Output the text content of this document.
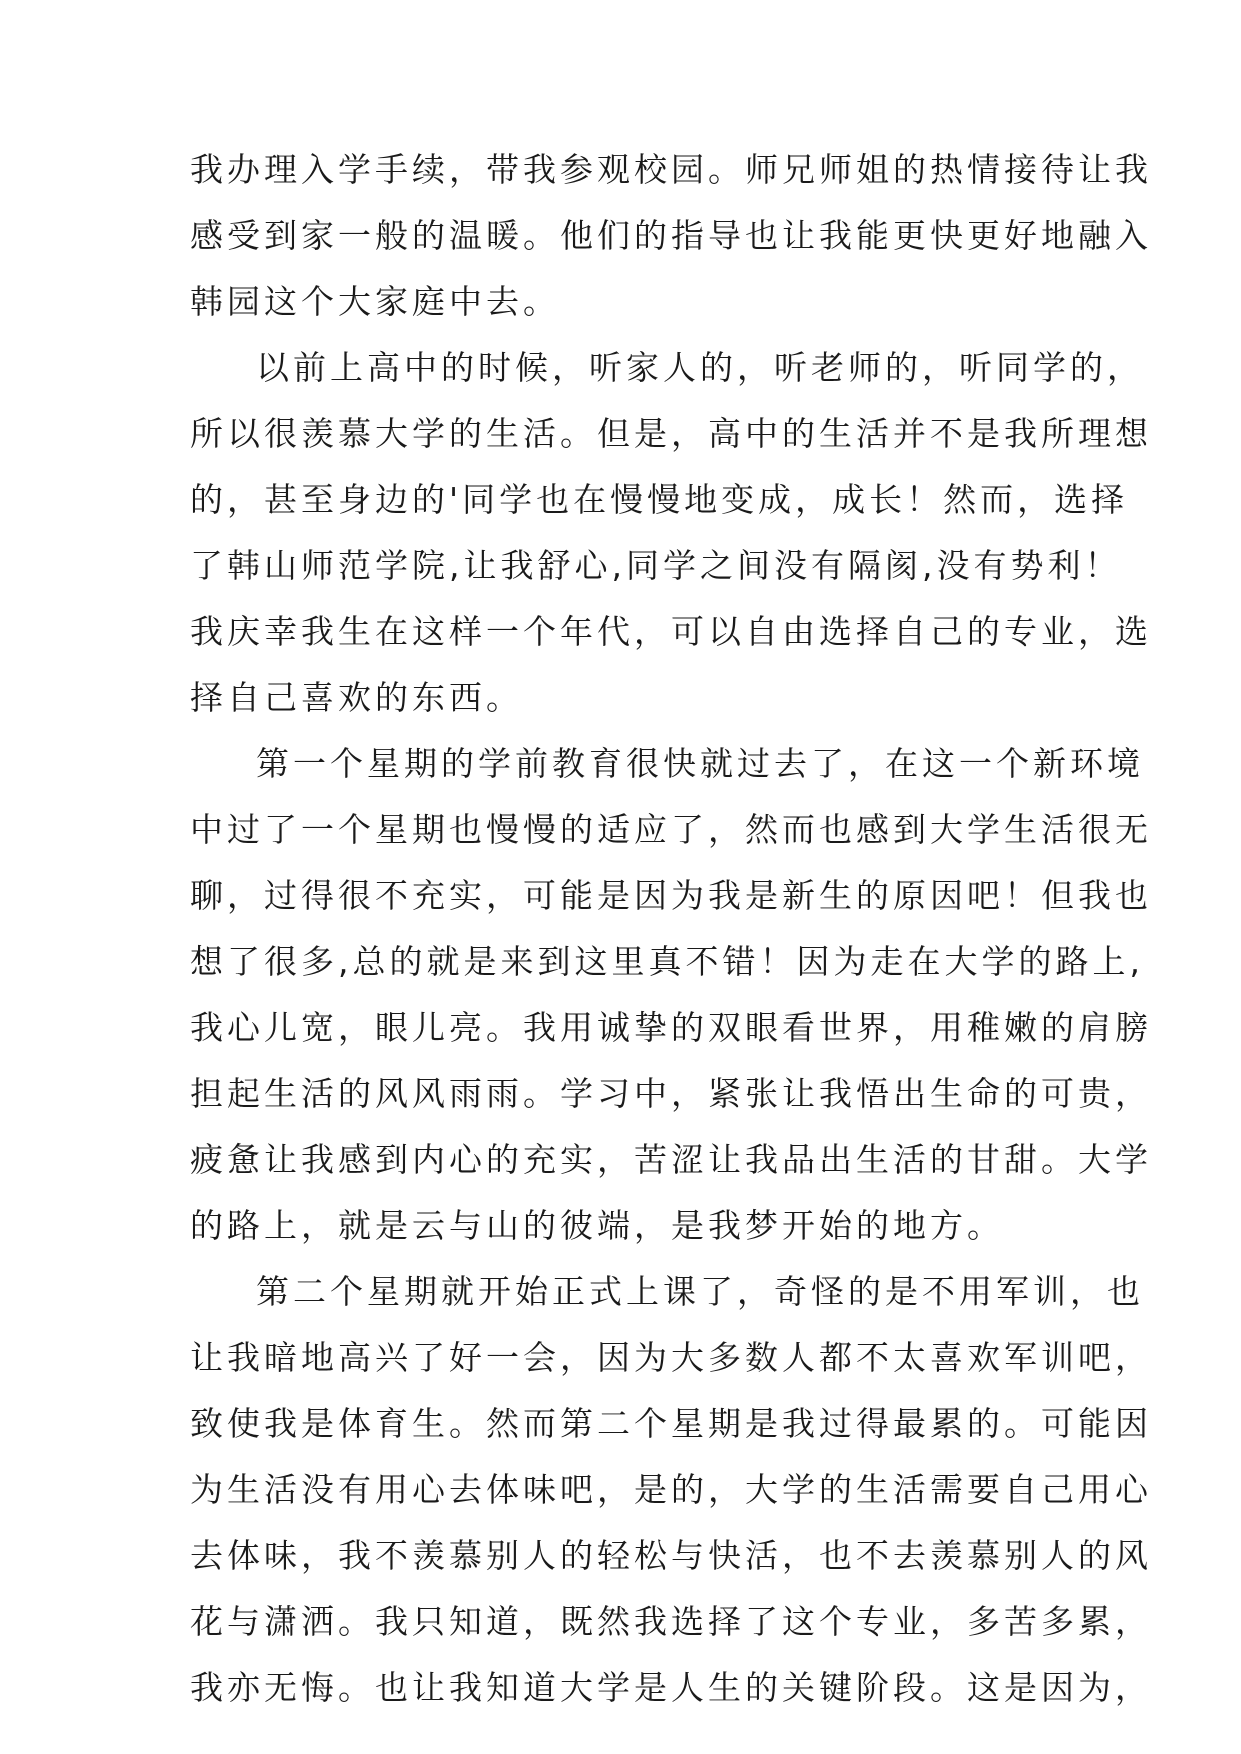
我办理入学手续，带我参观校园。师兄师姐的热情接待让我
感受到家一般的温暖。他们的指导也让我能更快更好地融入
韩园这个大家庭中去。
以前上高中的时候，听家人的，听老师的，听同学的，
所以很羡慕大学的生活。但是，高中的生活并不是我所理想
的，甚至身边的'同学也在慢慢地变成，成长！然而，选择
了韩山师范学院,让我舒心,同学之间没有隔阂,没有势利！
我庆幸我生在这样一个年代，可以自由选择自己的专业，选
择自己喜欢的东西。
第一个星期的学前教育很快就过去了，在这一个新环境
中过了一个星期也慢慢的适应了，然而也感到大学生活很无
聊，过得很不充实，可能是因为我是新生的原因吧！但我也
想了很多,总的就是来到这里真不错！因为走在大学的路上,
我心儿宽，眼儿亮。我用诚挚的双眼看世界，用稚嫩的肩膀
担起生活的风风雨雨。学习中，紧张让我悟出生命的可贵，
疲惫让我感到内心的充实，苦涩让我品出生活的甘甜。大学
的路上，就是云与山的彼端，是我梦开始的地方。
第二个星期就开始正式上课了，奇怪的是不用军训，也
让我暗地高兴了好一会，因为大多数人都不太喜欢军训吧，
致使我是体育生。然而第二个星期是我过得最累的。可能因
为生活没有用心去体味吧，是的，大学的生活需要自己用心
去体味，我不羡慕别人的轻松与快活，也不去羡慕别人的风
花与潇洒。我只知道，既然我选择了这个专业，多苦多累，
我亦无悔。也让我知道大学是人生的关键阶段。这是因为，
